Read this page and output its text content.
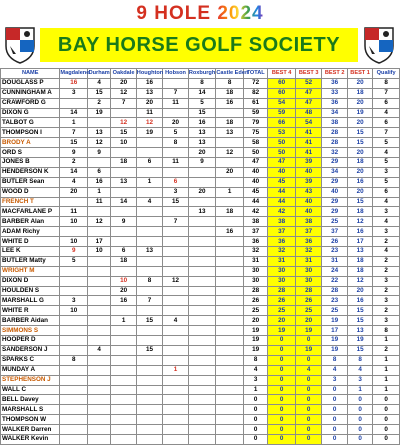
9 HOLE 2024
BAY HORSE GOLF SOCIETY
NAME	Magdalene	Durham	Oakdale	Houghton	Hobson	Roxburgh	Castle Eden	TOTAL	BEST 4	BEST 3	BEST 2	BEST 1	Qualify
DOUGLASS P	16	4	20	16		8	8	72	60	52	36	20	8
CUNNINGHAM A	3	15	12	13	7	14	18	82	60	47	33	18	7
CRAWFORD G		2	7	20	11	5	16	61	54	47	36	20	6
DIXON G	14	19		11		15		59	59	48	34	19	4
TALBOT G	1		12	12	20	16	18	79	66	54	38	20	6
THOMPSON I	7	13	15	19	5	13	13	75	53	41	28	15	7
BRODY A	15	12	10		8	13		58	50	41	28	15	5
ORD S	9	9				20	12	50	50	41	32	20	4
JONES B	2		18	6	11	9		47	47	39	29	18	5
HENDERSON K	14	6					20	40	40	40	34	20	3
BUTLER Sean	4	16	13	1	6			40	45	39	29	16	5
WOOD D	20	1			3	20	1	45	44	43	40	20	6
FRENCH T		11	14	4	15			44	44	40	29	15	4
MACFARLANE P	11					13	18	42	42	40	29	18	3
BARBER Alan	10	12	9		7			38	38	38	25	12	4
ADAM Richy							16	37	37	37	37	16	3
WHITE D	10	17						36	36	36	26	17	2
LEE K	9	10	6	13				32	32	32	23	13	4
BUTLER Matty	5		18					31	31	31	31	18	2
WRIGHT M								30	30	30	24	18	2
DIXON D			10	8	12			30	30	30	22	12	3
HOULDEN S			20					28	28	28	28	20	2
MARSHALL G	3		16	7				26	26	26	23	16	3
WHITE R	10							25	25	25	25	15	2
BARBER Aidan			1	15	4			20	20	20	19	15	3
SIMMONS S								19	19	19	17	13	8
HOOPER D								19	0	0	19	19	1
SANDERSON J		4		15				19	0	19	19	15	2
SPARKS C	8							8	0	0	8	8	1
MUNDAY A					1			4	0	4	4	4	1
STEPHENSON J								3	0	0	3	3	1
WALL C								1	0	0	0	1	1
BELL Davey								0	0	0	0	0	0
MARSHALL S								0	0	0	0	0	0
THOMPSON W								0	0	0	0	0	0
WALKER Darren								0	0	0	0	0	0
WALKER Kevin								0	0	0	0	0	0
